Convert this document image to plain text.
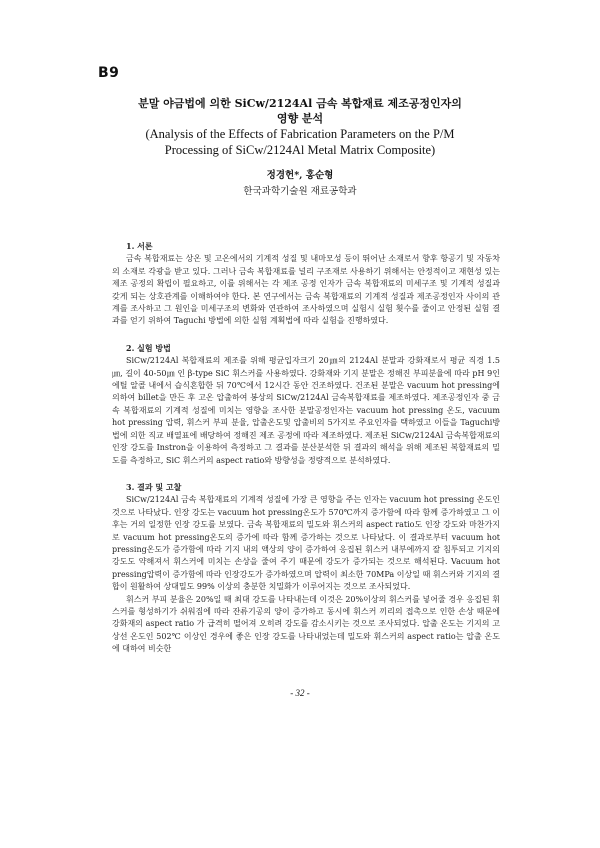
B9
분말 야금법에 의한 SiCw/2124Al 금속 복합재료 제조공정인자의
영향 분석
(Analysis of the Effects of Fabrication Parameters on the P/M
Processing of SiCw/2124Al Metal Matrix Composite)
정경헌*, 홍순형
한국과학기술원 재료공학과
1. 서론

금속 복합재료는 상온 및 고온에서의 기계적 성질 및 내마모성 등이 뛰어난 소재로서 향후 항공기 및 자동차의 소재로 각광을 받고 있다. 그러나 금속 복합재료를 널리 구조재로 사용하기 위해서는 안정적이고 재현성 있는 제조 공정의 확립이 필요하고, 이를 위해서는 각 제조 공정 인자가 금속 복합재료의 미세구조 및 기계적 성질과 갖게 되는 상호관계를 이해하여야 한다. 본 연구에서는 금속 복합재료의 기계적 성질과 제조공정인자 사이의 관계를 조사하고 그 원인을 미세구조의 변화와 연관하여 조사하였으며 실험시 실험 횟수를 줄이고 안정된 실험 결과를 얻기 위하여 Taguchi 방법에 의한 실험 계획법에 따라 실험을 진행하였다.

2. 실험 방법

SiCw/2124Al 복합재료의 제조를 위해 평균입자크기 20㎛의 2124Al 분말과 강화재로서 평균 직경 1.5㎛, 길이 40-50㎛ 인 β-type SiC 휘스커를 사용하였다. 강화재와 기지 분말은 정해진 부피분율에 따라 pH 9인 에틸 알콜 내에서 습식혼합한 뒤 70℃에서 12시간 동안 건조하였다. 건조된 분말은 vacuum hot pressing에 의하여 billet을 만든 후 고온 압출하여 봉상의 SiCw/2124Al 금속복합재료를 제조하였다. 제조공정인자 중 금속 복합재료의 기계적 성질에 미치는 영향을 조사한 분말공정인자는 vacuum hot pressing 온도, vacuum hot pressing 압력, 휘스커 부피 분율, 압출온도및 압출비의 5가지로 주요인자를 택하였고 이들을 Taguchi방법에 의한 직교 배열표에 배당하여 정해진 제조 공정에 따라 제조하였다. 제조된 SiCw/2124Al 금속복합재료의 인장 강도를 Instron을 이용하여 측정하고 그 결과를 분산분석한 뒤 결과의 해석을 위해 제조된 복합재료의 밀도를 측정하고, SiC 휘스커의 aspect ratio와 방향성을 정량적으로 분석하였다.

3. 결과 및 고찰

SiCw/2124Al 금속 복합재료의 기계적 성질에 가장 큰 영향을 주는 인자는 vacuum hot pressing 온도인 것으로 나타났다. 인장 강도는 vacuum hot pressing온도가 570℃까지 증가함에 따라 함께 증가하였고 그 이후는 거의 일정한 인장 강도를 보였다. 금속 복합재료의 밀도와 휘스커의 aspect ratio도 인장 강도와 마찬가지로 vacuum hot pressing온도의 증가에 따라 함께 증가하는 것으로 나타났다. 이 결과로부터 vacuum hot pressing온도가 증가함에 따라 기지 내의 액상의 양이 증가하여 응집된 휘스커 내부에까지 잘 침투되고 기지의 강도도 약해져서 휘스커에 미치는 손상을 줄여 주기 때문에 강도가 증가되는 것으로 해석된다. Vacuum hot pressing압력이 증가함에 따라 인장강도가 증가하였으며 압력이 최소한 70MPa 이상일 때 휘스커와 기지의 결합이 원활하여 상대밀도 99% 이상의 충분한 치밀화가 이루어지는 것으로 조사되었다.

휘스커 부피 분율은 20%일 때 최대 강도를 나타내는데 이것은 20%이상의 휘스커를 넣어줄 경우 응집된 휘스커를 형성하기가 쉬워짐에 따라 잔류기공의 양이 증가하고 동시에 휘스커 끼리의 접촉으로 인한 손상 때문에 강화재의 aspect ratio 가 급격히 떨어져 오히려 강도를 감소시키는 것으로 조사되었다. 압출 온도는 기지의 고상선 온도인 502℃ 이상인 경우에 좋은 인장 강도를 나타내었는데 밀도와 휘스커의 aspect ratio는 압출 온도에 대하여 비슷한

- 32 -
